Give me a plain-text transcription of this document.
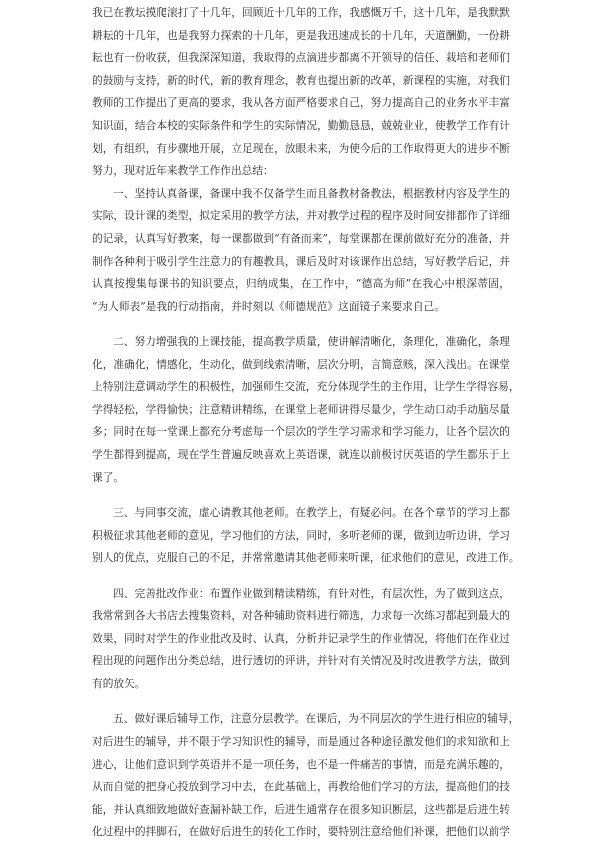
我已在教坛摸爬滚打了十几年，回顾近十几年的工作，我感慨万千，这十几年，是我默默
耕耘的十几年，也是我努力探索的十几年，更是我迅速成长的十几年，天道酬勤，一份耕
耘也有一份收获，但我深深知道，我取得的点滴进步都离不开领导的信任、栽培和老师们
的鼓励与支持，新的时代，新的教育理念，教育也提出新的改革，新课程的实施，对我们
教师的工作提出了更高的要求，我从各方面严格要求自己，努力提高自己的业务水平丰富
知识面，结合本校的实际条件和学生的实际情况，勤勤恳恳，兢兢业业，使教学工作有计
划，有组织，有步骤地开展，立足现在，放眼未来，为使今后的工作取得更大的进步不断
努力，现对近年来教学工作作出总结：
一、坚持认真备课，备课中我不仅备学生而且备教材备教法，根据教材内容及学生的
实际，设计课的类型，拟定采用的教学方法，并对教学过程的程序及时间安排都作了详细
的记录，认真写好教案，每一课都做到“有备而来”，每堂课都在课前做好充分的准备，并
制作各种利于吸引学生注意力的有趣教具，课后及时对该课作出总结，写好教学后记，并
认真按搜集每课书的知识要点，归纳成集，在工作中，“德高为师”在我心中根深蒂固，
“为人师表”是我的行动指南，并时刻以《师德规范》这面镜子来要求自己。
二、努力增强我的上课技能，提高教学质量，使讲解清晰化，条理化，准确化，条理
化，准确化，情感化，生动化，做到线索清晰，层次分明，言简意赅，深入浅出。在课堂
上特别注意调动学生的积极性，加强师生交流，充分体现学生的主作用，让学生学得容易，
学得轻松，学得愉快；注意精讲精练，在课堂上老师讲得尽量少，学生动口动手动脑尽量
多；同时在每一堂课上都充分考虑每一个层次的学生学习需求和学习能力，让各个层次的
学生都得到提高，现在学生普遍反映喜欢上英语课，就连以前极讨厌英语的学生都乐于上
课了。
三、与同事交流，虚心请教其他老师。在教学上，有疑必问。在各个章节的学习上都
积极征求其他老师的意见，学习他们的方法，同时，多听老师的课，做到边听边讲，学习
别人的优点，克服自己的不足，并常常邀请其他老师来听课，征求他们的意见，改进工作。
四、完善批改作业：布置作业做到精读精练，有针对性，有层次性，为了做到这点，
我常常到各大书店去搜集资料，对各种辅助资料进行筛选，力求每一次练习都起到最大的
效果，同时对学生的作业批改及时、认真，分析并记录学生的作业情况，将他们在作业过
程出现的问题作出分类总结，进行透切的评讲，并针对有关情况及时改进教学方法，做到
有的放矢。
五、做好课后辅导工作，注意分层教学。在课后，为不同层次的学生进行相应的辅导，
对后进生的辅导，并不限于学习知识性的辅导，而是通过各种途径激发他们的求知欲和上
进心，让他们意识到学英语并不是一项任务，也不是一件痛苦的事情，而是充满乐趣的，
从而自觉的把身心投放到学习中去，在此基础上，再教给他们学习的方法，提高他们的技
能，并认真细致地做好查漏补缺工作，后进生通常存在很多知识断层，这些都是后进生转
化过程中的拌脚石，在做好后进生的转化工作时，要特别注意给他们补课，把他们以前学
